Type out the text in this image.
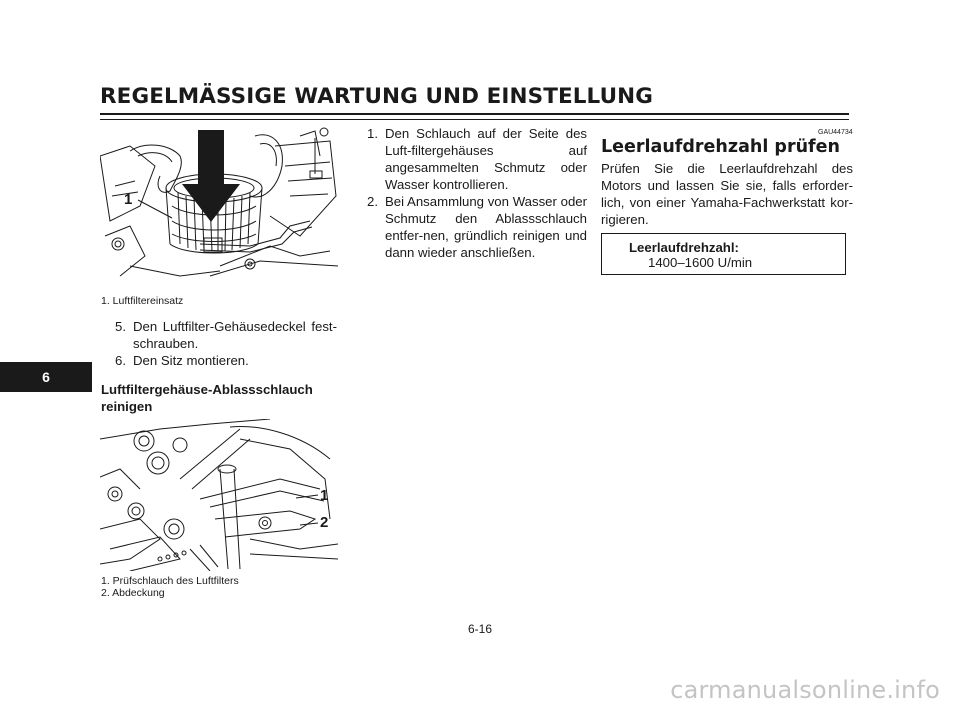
REGELMÄSSIGE WARTUNG UND EINSTELLUNG
6
1
1. Luftfiltereinsatz
5. Den Luftfilter-Gehäusedeckel fest-schrauben.
6. Den Sitz montieren.
Luftfiltergehäuse-Ablassschlauch reinigen
1
2
1. Prüfschlauch des Luftfilters
2. Abdeckung
1. Den Schlauch auf der Seite des Luft-filtergehäuses auf angesammelten Schmutz oder Wasser kontrollieren.
2. Bei Ansammlung von Wasser oder Schmutz den Ablassschlauch entfer-nen, gründlich reinigen und dann wieder anschließen.
GAU44734
Leerlaufdrehzahl prüfen
Prüfen Sie die Leerlaufdrehzahl des Motors und lassen Sie sie, falls erforder-lich, von einer Yamaha-Fachwerkstatt kor-rigieren.
Leerlaufdrehzahl:
1400–1600 U/min
6-16
carmanualsonline.info
